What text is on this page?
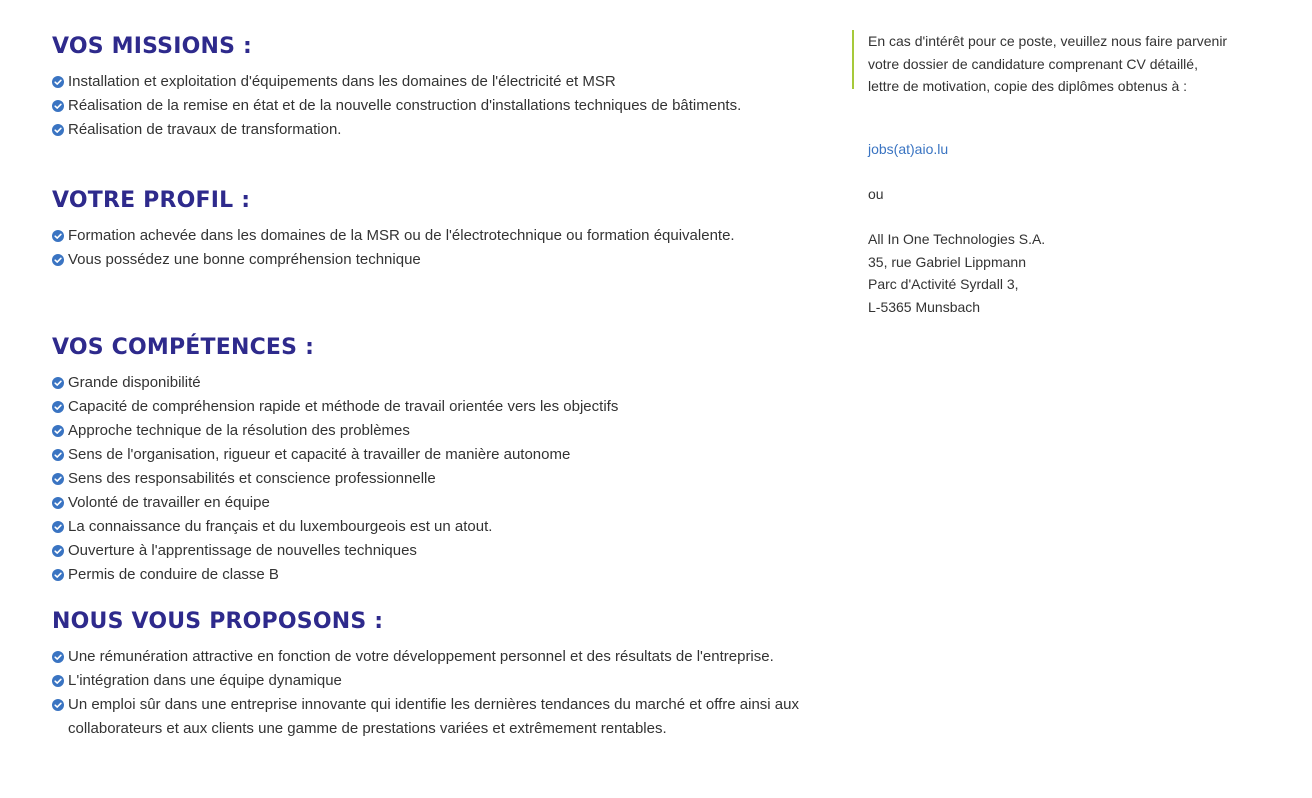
VOS MISSIONS :
Installation et exploitation d'équipements dans les domaines de l'électricité et MSR
Réalisation de la remise en état et de la nouvelle construction d'installations techniques de bâtiments.
Réalisation de travaux de transformation.
VOTRE PROFIL :
Formation achevée dans les domaines de la MSR ou de l'électrotechnique ou formation équivalente.
Vous possédez une bonne compréhension technique
VOS COMPÉTENCES :
Grande disponibilité
Capacité de compréhension rapide et méthode de travail orientée vers les objectifs
Approche technique de la résolution des problèmes
Sens de l'organisation, rigueur et capacité à travailler de manière autonome
Sens des responsabilités et conscience professionnelle
Volonté de travailler en équipe
La connaissance du français et du luxembourgeois est un atout.
Ouverture à l'apprentissage de nouvelles techniques
Permis de conduire de classe B
NOUS VOUS PROPOSONS :
Une rémunération attractive en fonction de votre développement personnel et des résultats de l'entreprise.
L'intégration dans une équipe dynamique
Un emploi sûr dans une entreprise innovante qui identifie les dernières tendances du marché et offre ainsi aux collaborateurs et aux clients une gamme de prestations variées et extrêmement rentables.

En cas d'intérêt pour ce poste, veuillez nous faire parvenir votre dossier de candidature comprenant CV détaillé, lettre de motivation, copie des diplômes obtenus à :

jobs(at)aio.lu
ou
All In One Technologies S.A.
35, rue Gabriel Lippmann
Parc d'Activité Syrdall 3,
L-5365 Munsbach
